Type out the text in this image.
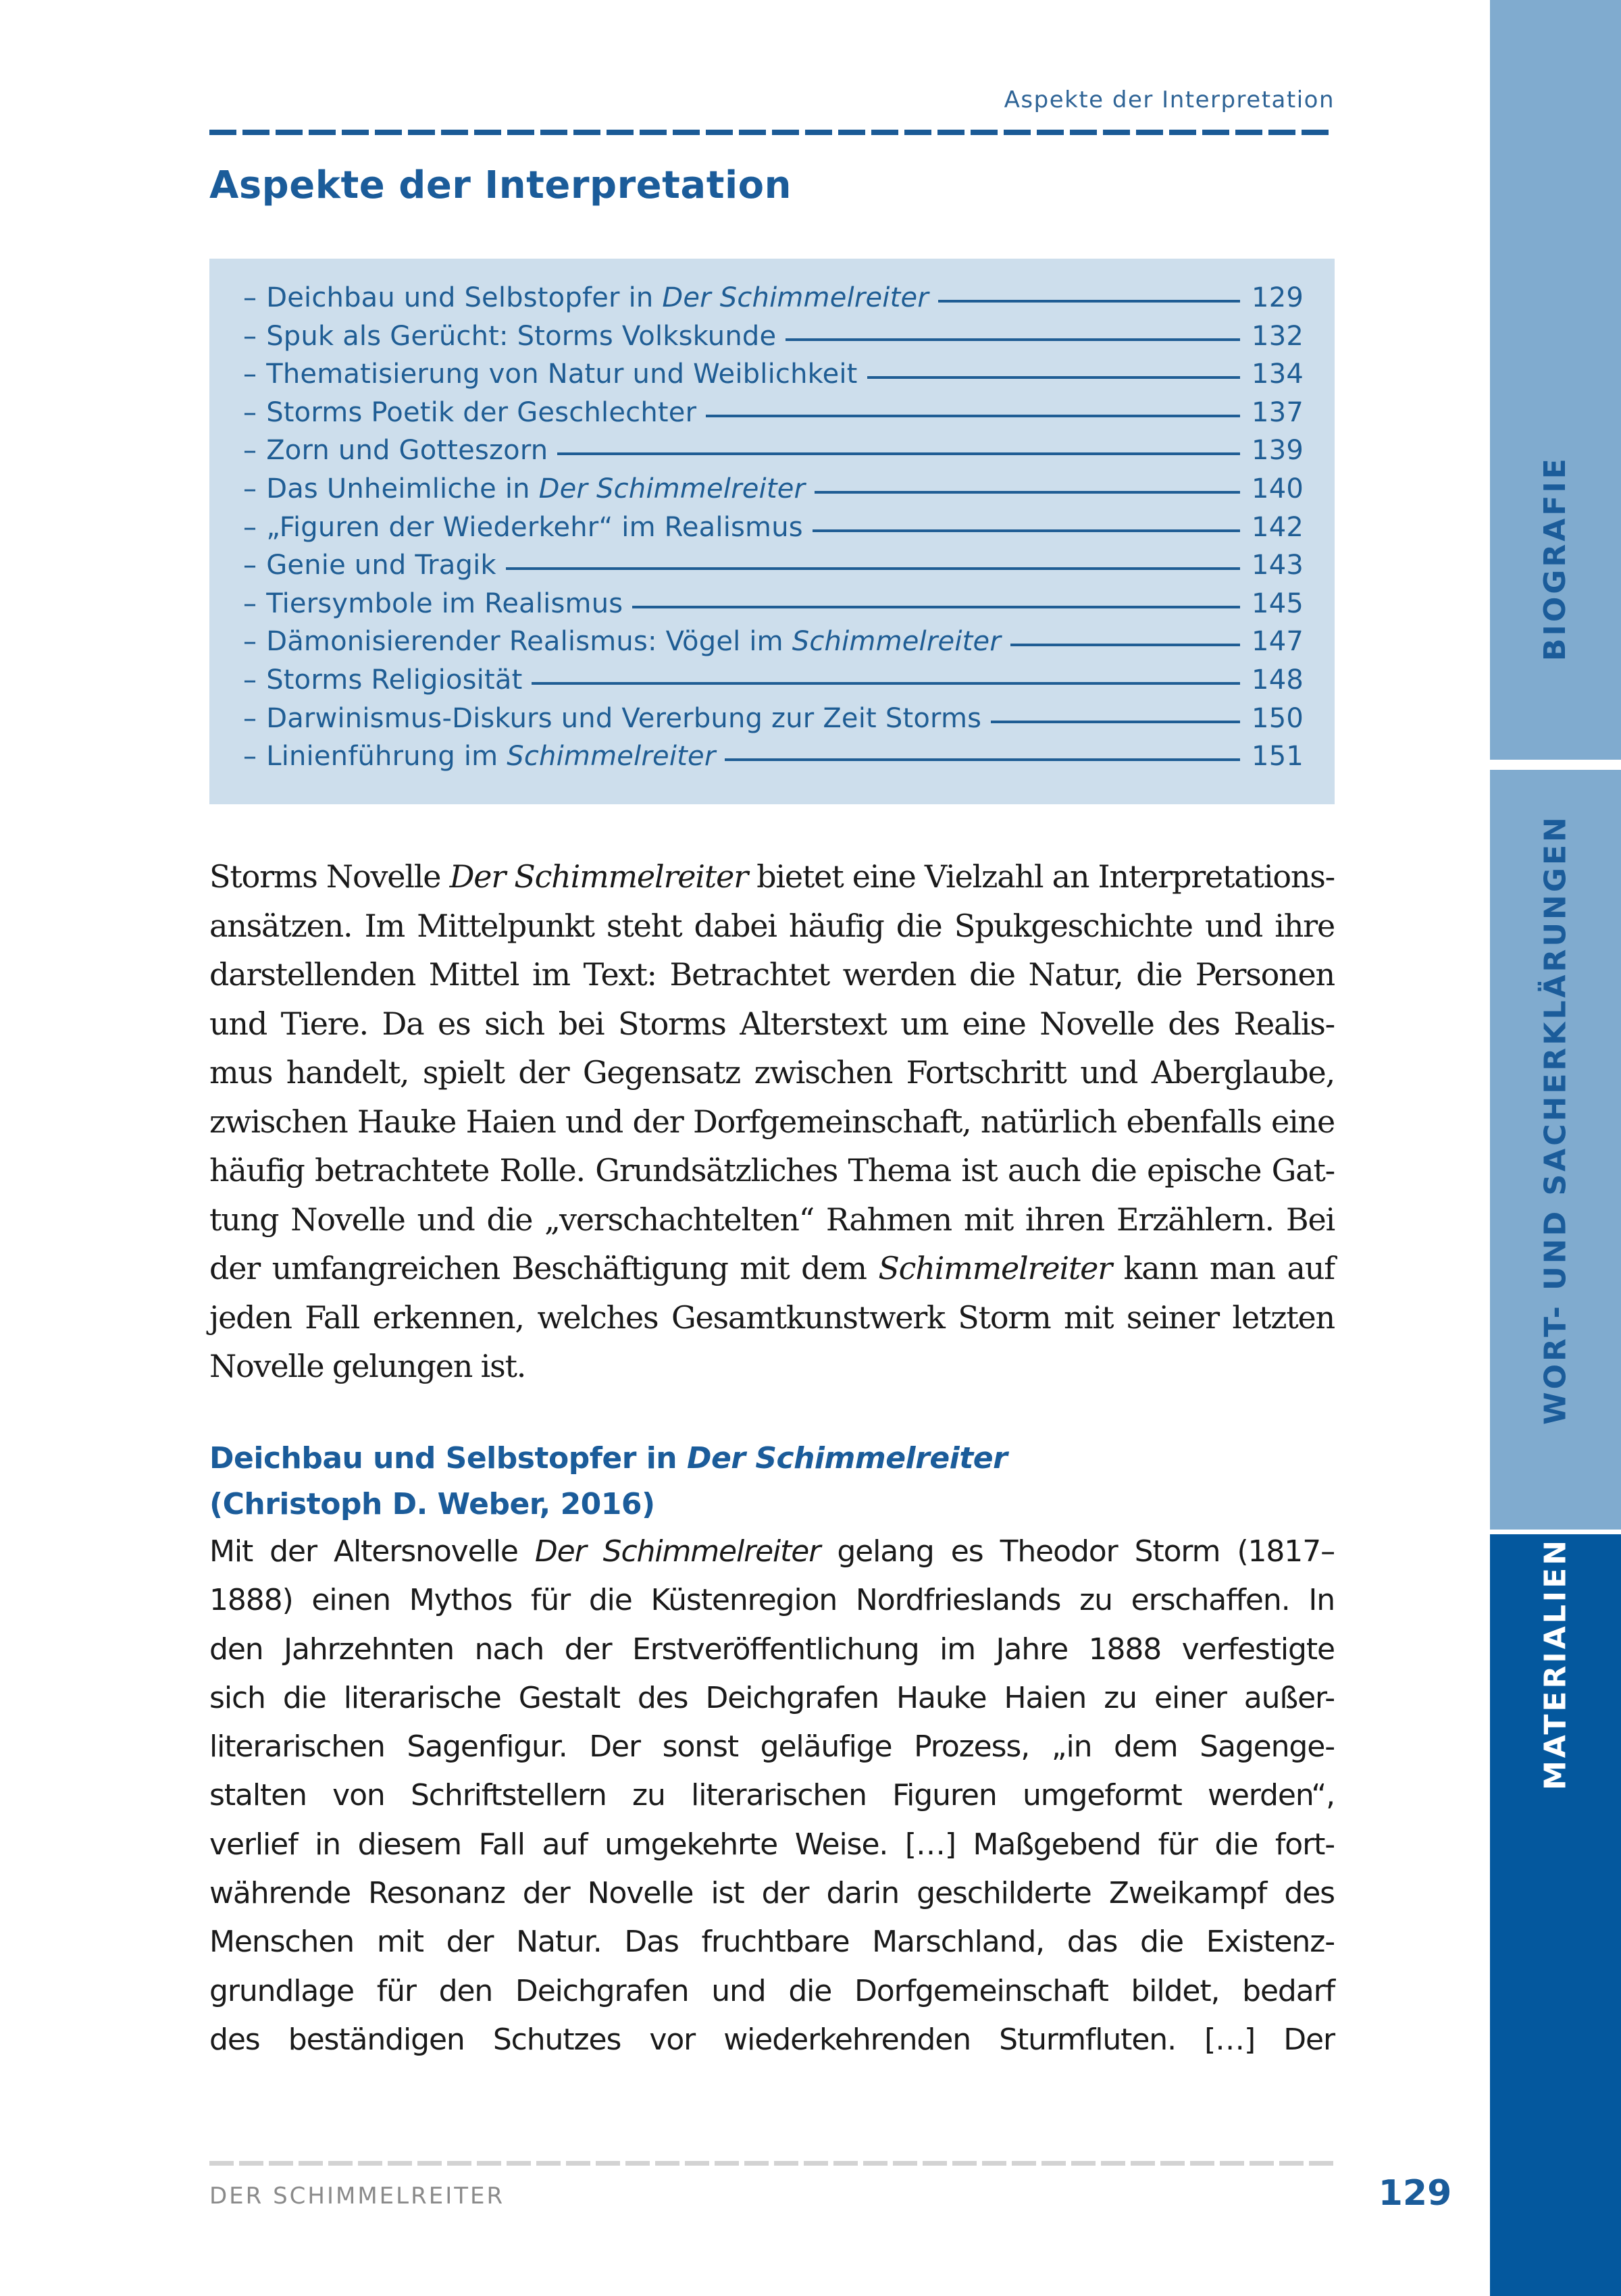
Aspekte der Interpretation
Aspekte der Interpretation
– Deichbau und Selbstopfer in Der Schimmelreiter	129
– Spuk als Gerücht: Storms Volkskunde	132
– Thematisierung von Natur und Weiblichkeit	134
– Storms Poetik der Geschlechter	137
– Zorn und Gotteszorn	139
– Das Unheimliche in Der Schimmelreiter	140
– „Figuren der Wiederkehr“ im Realismus	142
– Genie und Tragik	143
– Tiersymbole im Realismus	145
– Dämonisierender Realismus: Vögel im Schimmelreiter	147
– Storms Religiosität	148
– Darwinismus-Diskurs und Vererbung zur Zeit Storms	150
– Linienführung im Schimmelreiter	151
Storms Novelle Der Schimmelreiter bietet eine Vielzahl an Interpretations-
ansätzen. Im Mittelpunkt steht dabei häufig die Spukgeschichte und ihre
darstellenden Mittel im Text: Betrachtet werden die Natur, die Personen
und Tiere. Da es sich bei Storms Alterstext um eine Novelle des Realis-
mus handelt, spielt der Gegensatz zwischen Fortschritt und Aberglaube,
zwischen Hauke Haien und der Dorfgemeinschaft, natürlich ebenfalls eine
häufig betrachtete Rolle. Grundsätzliches Thema ist auch die epische Gat-
tung Novelle und die „verschachtelten“ Rahmen mit ihren Erzählern. Bei
der umfangreichen Beschäftigung mit dem Schimmelreiter kann man auf
jeden Fall erkennen, welches Gesamtkunstwerk Storm mit seiner letzten
Novelle gelungen ist.
Deichbau und Selbstopfer in Der Schimmelreiter
(Christoph D. Weber, 2016)
Mit der Altersnovelle Der Schimmelreiter gelang es Theodor Storm (1817–
1888) einen Mythos für die Küstenregion Nordfrieslands zu erschaffen. In
den Jahrzehnten nach der Erstveröffentlichung im Jahre 1888 verfestigte
sich die literarische Gestalt des Deichgrafen Hauke Haien zu einer außer-
literarischen Sagenfigur. Der sonst geläufige Prozess, „in dem Sagenge-
stalten von Schriftstellern zu literarischen Figuren umgeformt werden“,
verlief in diesem Fall auf umgekehrte Weise. […] Maßgebend für die fort-
währende Resonanz der Novelle ist der darin geschilderte Zweikampf des
Menschen mit der Natur. Das fruchtbare Marschland, das die Existenz-
grundlage für den Deichgrafen und die Dorfgemeinschaft bildet, bedarf
des beständigen Schutzes vor wiederkehrenden Sturmfluten. […] Der
DER SCHIMMELREITER	129
BIOGRAFIE
WORT- UND SACHERKLÄRUNGEN
MATERIALIEN
